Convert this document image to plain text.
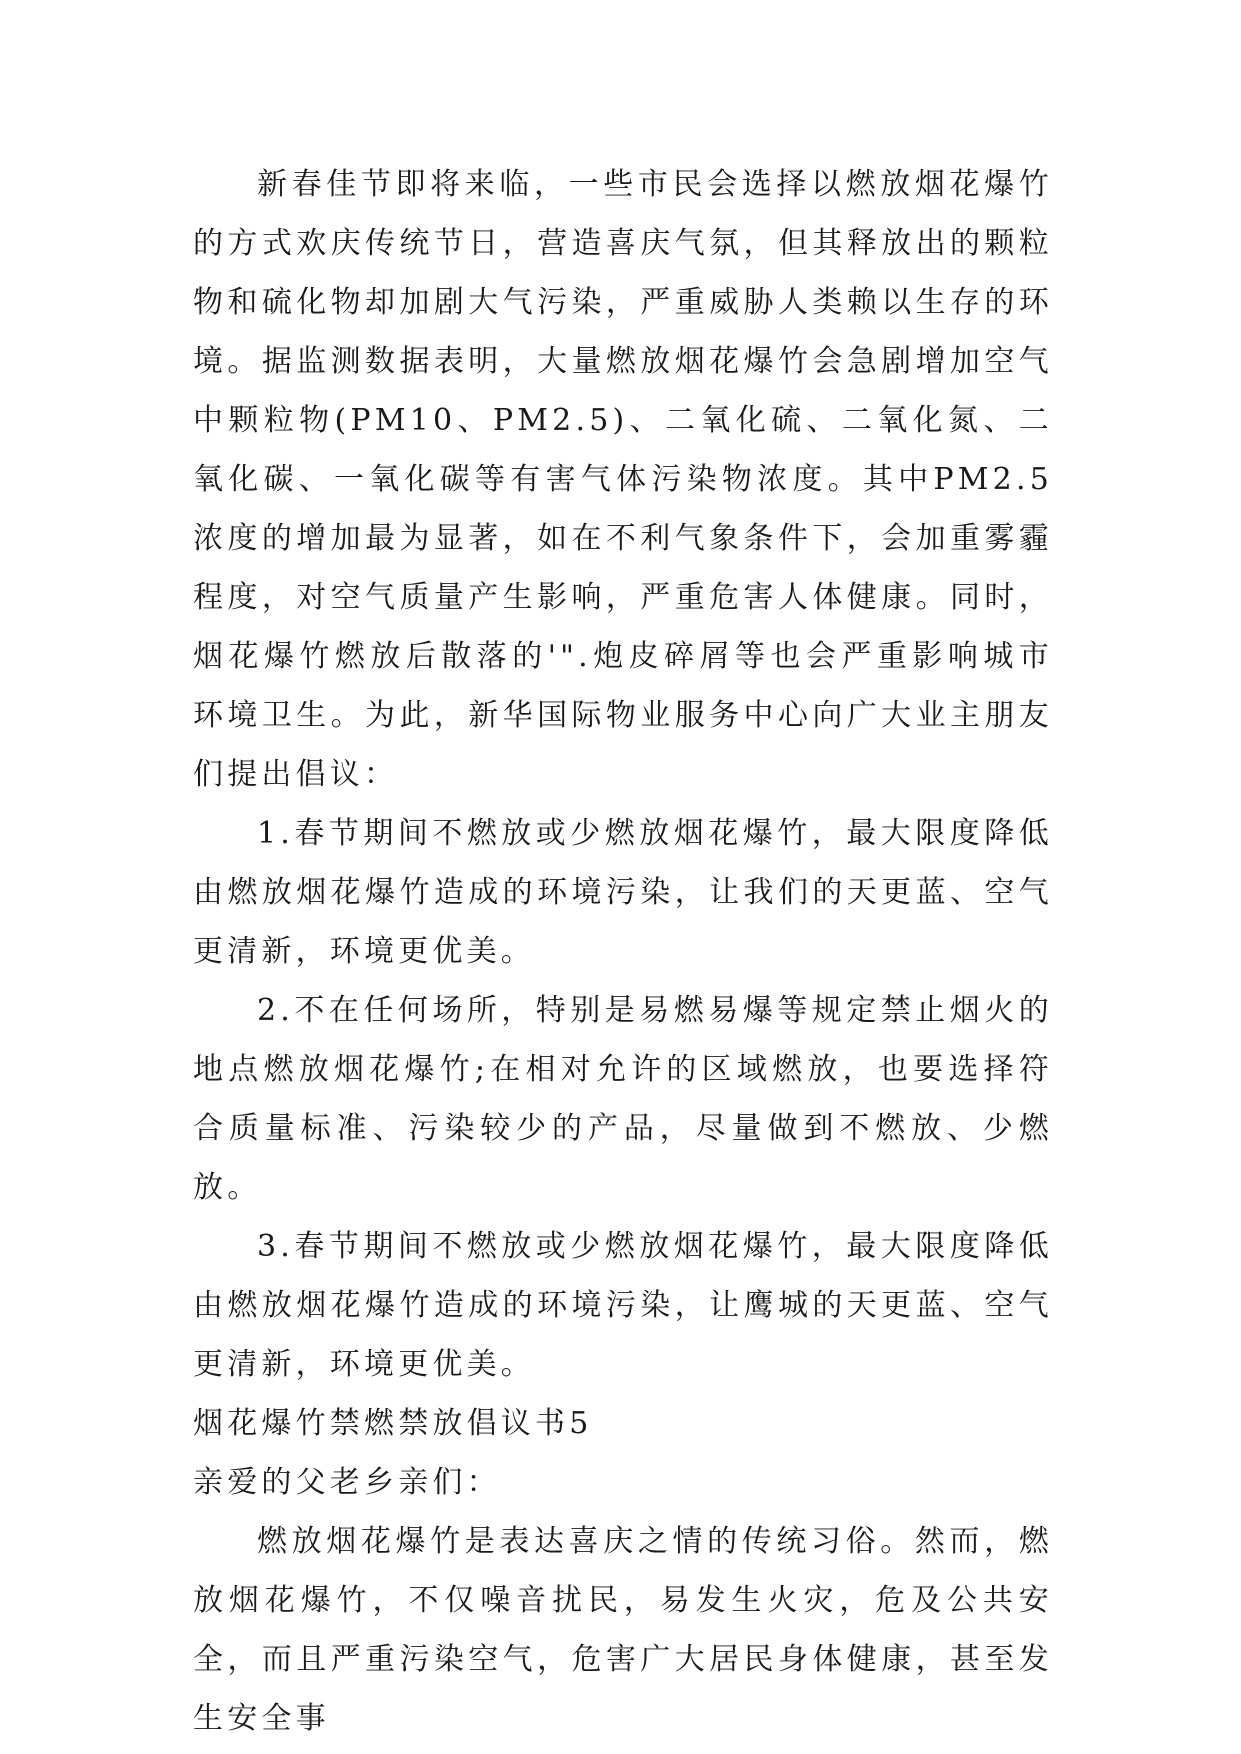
新春佳节即将来临，一些市民会选择以燃放烟花爆竹的方式欢庆传统节日，营造喜庆气氛，但其释放出的颗粒物和硫化物却加剧大气污染，严重威胁人类赖以生存的环境。据监测数据表明，大量燃放烟花爆竹会急剧增加空气中颗粒物(PM10、PM2.5)、二氧化硫、二氧化氮、二氧化碳、一氧化碳等有害气体污染物浓度。其中PM2.5浓度的增加最为显著，如在不利气象条件下，会加重雾霾程度，对空气质量产生影响，严重危害人体健康。同时，烟花爆竹燃放后散落的'".炮皮碎屑等也会严重影响城市环境卫生。为此，新华国际物业服务中心向广大业主朋友们提出倡议：

1.春节期间不燃放或少燃放烟花爆竹，最大限度降低由燃放烟花爆竹造成的环境污染，让我们的天更蓝、空气更清新，环境更优美。

2.不在任何场所，特别是易燃易爆等规定禁止烟火的地点燃放烟花爆竹;在相对允许的区域燃放，也要选择符合质量标准、污染较少的产品，尽量做到不燃放、少燃放。

3.春节期间不燃放或少燃放烟花爆竹，最大限度降低由燃放烟花爆竹造成的环境污染，让鹰城的天更蓝、空气更清新，环境更优美。

烟花爆竹禁燃禁放倡议书5

亲爱的父老乡亲们：

燃放烟花爆竹是表达喜庆之情的传统习俗。然而，燃放烟花爆竹，不仅噪音扰民，易发生火灾，危及公共安全，而且严重污染空气，危害广大居民身体健康，甚至发生安全事
